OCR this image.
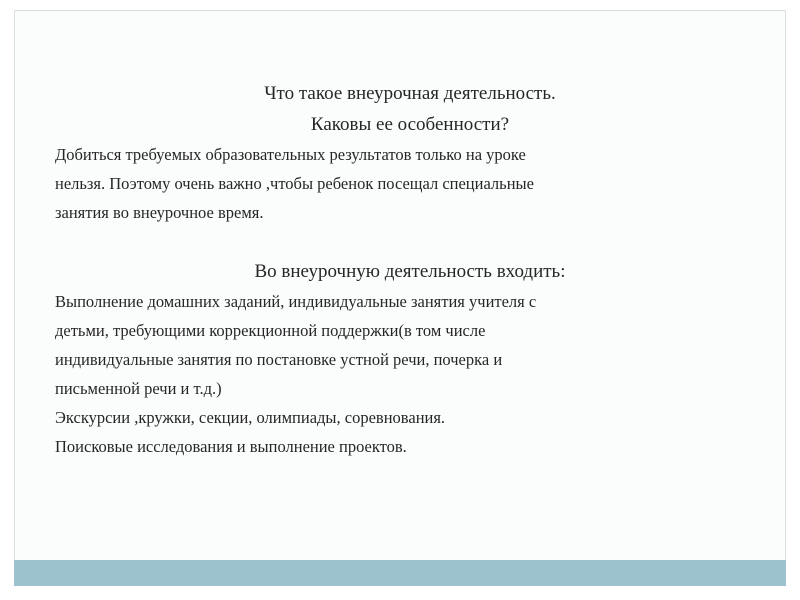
Что такое внеурочная деятельность.

Каковы ее особенности?

Добиться требуемых образовательных результатов только на уроке

нельзя. Поэтому очень важно ,чтобы ребенок посещал специальные

занятия во внеурочное время.

Во внеурочную деятельность входить:

Выполнение домашних заданий, индивидуальные занятия учителя с

детьми, требующими коррекционной поддержки(в том числе

индивидуальные занятия по постановке устной речи, почерка и

письменной речи и т.д.)

Экскурсии ,кружки, секции, олимпиады, соревнования.

Поисковые исследования и выполнение проектов.
